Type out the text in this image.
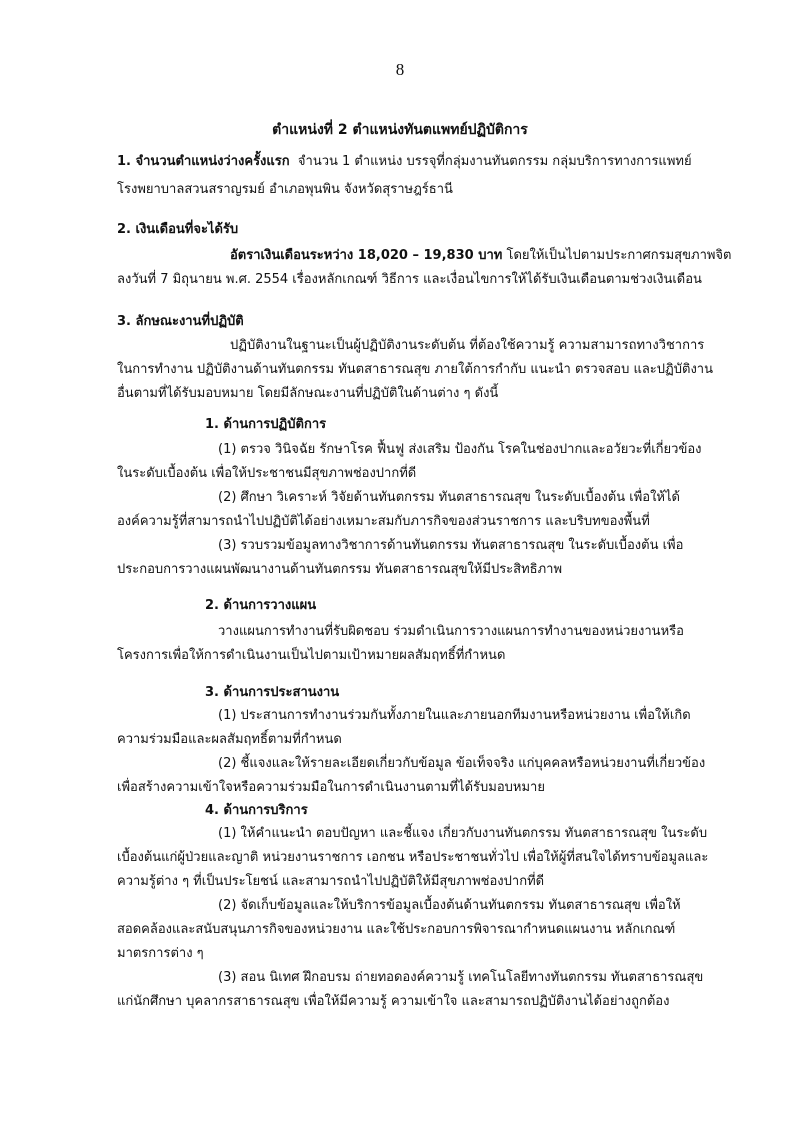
8
ตำแหน่งที่ 2 ตำแหน่งทันตแพทย์ปฏิบัติการ
1. จำนวนตำแหน่งว่างครั้งแรก จำนวน 1 ตำแหน่ง บรรจุที่กลุ่มงานทันตกรรม กลุ่มบริการทางการแพทย์
โรงพยาบาลสวนสราญรมย์ อำเภอพุนพิน จังหวัดสุราษฎร์ธานี
2. เงินเดือนที่จะได้รับ
อัตราเงินเดือนระหว่าง 18,020 – 19,830 บาท โดยให้เป็นไปตามประกาศกรมสุขภาพจิต
ลงวันที่ 7 มิถุนายน พ.ศ. 2554 เรื่องหลักเกณฑ์ วิธีการ และเงื่อนไขการให้ได้รับเงินเดือนตามช่วงเงินเดือน
3. ลักษณะงานที่ปฏิบัติ
ปฏิบัติงานในฐานะเป็นผู้ปฏิบัติงานระดับต้น ที่ต้องใช้ความรู้ ความสามารถทางวิชาการ
ในการทำงาน ปฏิบัติงานด้านทันตกรรม ทันตสาธารณสุข ภายใต้การกำกับ แนะนำ ตรวจสอบ และปฏิบัติงาน
อื่นตามที่ได้รับมอบหมาย โดยมีลักษณะงานที่ปฏิบัติในด้านต่าง ๆ ดังนี้
1. ด้านการปฏิบัติการ
(1) ตรวจ วินิจฉัย รักษาโรค ฟื้นฟู ส่งเสริม ป้องกัน โรคในช่องปากและอวัยวะที่เกี่ยวข้อง
ในระดับเบื้องต้น เพื่อให้ประชาชนมีสุขภาพช่องปากที่ดี
(2) ศึกษา วิเคราะห์ วิจัยด้านทันตกรรม ทันตสาธารณสุข ในระดับเบื้องต้น เพื่อให้ได้
องค์ความรู้ที่สามารถนำไปปฏิบัติได้อย่างเหมาะสมกับภารกิจของส่วนราชการ และบริบทของพื้นที่
(3) รวบรวมข้อมูลทางวิชาการด้านทันตกรรม ทันตสาธารณสุข ในระดับเบื้องต้น เพื่อ
ประกอบการวางแผนพัฒนางานด้านทันตกรรม ทันตสาธารณสุขให้มีประสิทธิภาพ
2. ด้านการวางแผน
วางแผนการทำงานที่รับผิดชอบ ร่วมดำเนินการวางแผนการทำงานของหน่วยงานหรือ
โครงการเพื่อให้การดำเนินงานเป็นไปตามเป้าหมายผลสัมฤทธิ์ที่กำหนด
3. ด้านการประสานงาน
(1) ประสานการทำงานร่วมกันทั้งภายในและภายนอกทีมงานหรือหน่วยงาน เพื่อให้เกิด
ความร่วมมือและผลสัมฤทธิ์ตามที่กำหนด
(2) ชี้แจงและให้รายละเอียดเกี่ยวกับข้อมูล ข้อเท็จจริง แก่บุคคลหรือหน่วยงานที่เกี่ยวข้อง
เพื่อสร้างความเข้าใจหรือความร่วมมือในการดำเนินงานตามที่ได้รับมอบหมาย
4. ด้านการบริการ
(1) ให้คำแนะนำ ตอบปัญหา และชี้แจง เกี่ยวกับงานทันตกรรม ทันตสาธารณสุข ในระดับ
เบื้องต้นแก่ผู้ป่วยและญาติ หน่วยงานราชการ เอกชน หรือประชาชนทั่วไป เพื่อให้ผู้ที่สนใจได้ทราบข้อมูลและ
ความรู้ต่าง ๆ ที่เป็นประโยชน์ และสามารถนำไปปฏิบัติให้มีสุขภาพช่องปากที่ดี
(2) จัดเก็บข้อมูลและให้บริการข้อมูลเบื้องต้นด้านทันตกรรม ทันตสาธารณสุข เพื่อให้
สอดคล้องและสนับสนุนภารกิจของหน่วยงาน และใช้ประกอบการพิจารณากำหนดแผนงาน หลักเกณฑ์
มาตรการต่าง ๆ
(3) สอน นิเทศ ฝึกอบรม ถ่ายทอดองค์ความรู้ เทคโนโลยีทางทันตกรรม ทันตสาธารณสุข
แก่นักศึกษา บุคลากรสาธารณสุข เพื่อให้มีความรู้ ความเข้าใจ และสามารถปฏิบัติงานได้อย่างถูกต้อง
